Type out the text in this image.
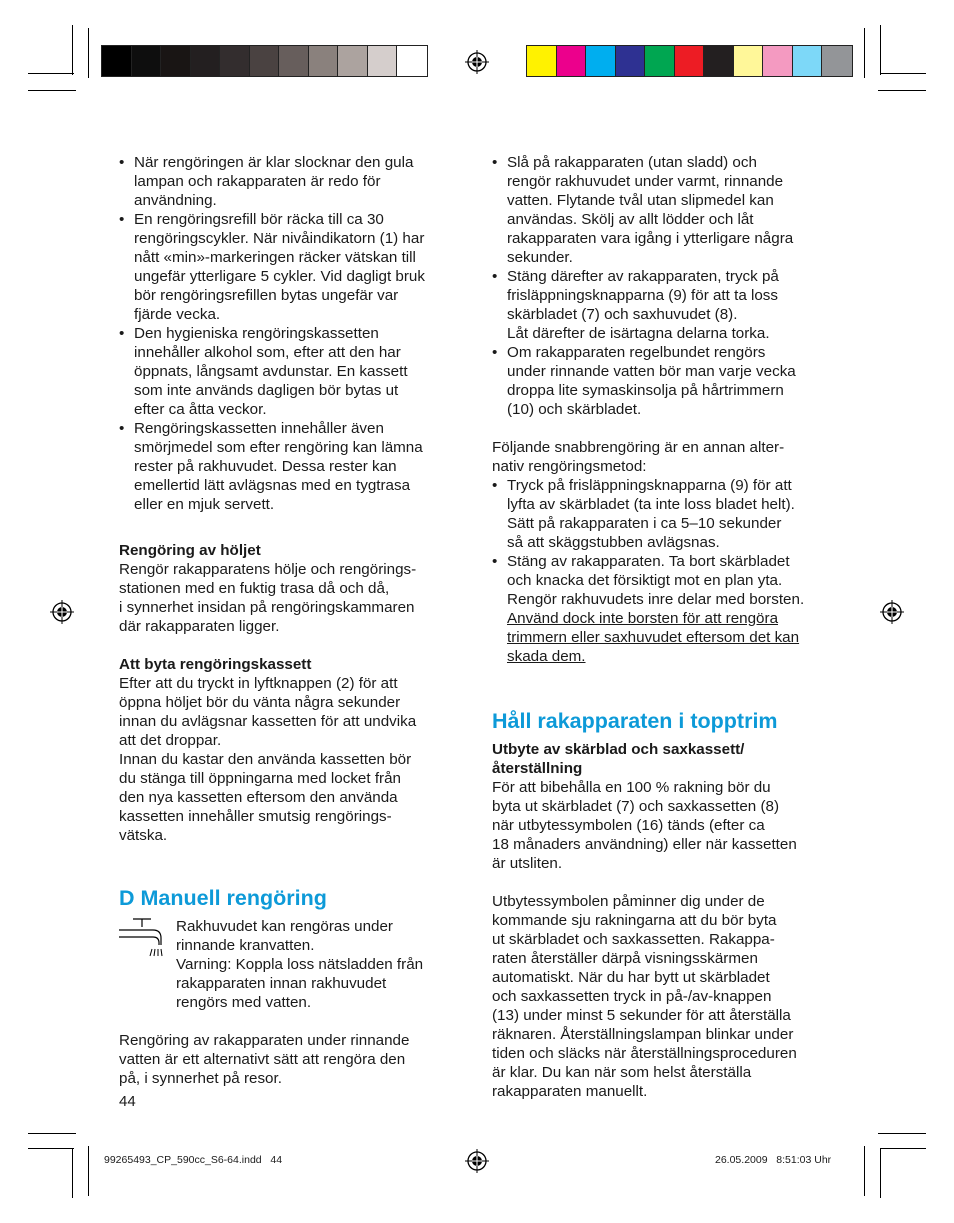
• När rengöringen är klar slocknar den gula
lampan och rakapparaten är redo för
användning.
• En rengöringsrefill bör räcka till ca 30
rengöringscykler. När nivåindikatorn (1) har
nått «min»-markeringen räcker vätskan till
ungefär ytterligare 5 cykler. Vid dagligt bruk
bör rengöringsrefillen bytas ungefär var
fjärde vecka.
• Den hygieniska rengöringskassetten
innehåller alkohol som, efter att den har
öppnats, långsamt avdunstar. En kassett
som inte används dagligen bör bytas ut
efter ca åtta veckor.
• Rengöringskassetten innehåller även
smörjmedel som efter rengöring kan lämna
rester på rakhuvudet. Dessa rester kan
emellertid lätt avlägsnas med en tygtrasa
eller en mjuk servett.

Rengöring av höljet

Rengör rakapparatens hölje och rengörings-
stationen med en fuktig trasa då och då,
i synnerhet insidan på rengöringskammaren
där rakapparaten ligger.

Att byta rengöringskassett

Efter att du tryckt in lyftknappen (2) för att
öppna höljet bör du vänta några sekunder
innan du avlägsnar kassetten för att undvika
att det droppar.
Innan du kastar den använda kassetten bör
du stänga till öppningarna med locket från
den nya kassetten eftersom den använda
kassetten innehåller smutsig rengörings-
vätska.

D Manuell rengöring

Rakhuvudet kan rengöras under
rinnande kranvatten.
Varning: Koppla loss nätsladden från
rakapparaten innan rakhuvudet
rengörs med vatten.

Rengöring av rakapparaten under rinnande
vatten är ett alternativt sätt att rengöra den
på, i synnerhet på resor.

44
• Slå på rakapparaten (utan sladd) och
rengör rakhuvudet under varmt, rinnande
vatten. Flytande tvål utan slipmedel kan
användas. Skölj av allt lödder och låt
rakapparaten vara igång i ytterligare några
sekunder.
• Stäng därefter av rakapparaten, tryck på
frisläppningsknapparna (9) för att ta loss
skärbladet (7) och saxhuvudet (8).
Låt därefter de isärtagna delarna torka.
• Om rakapparaten regelbundet rengörs
under rinnande vatten bör man varje vecka
droppa lite symaskinsolja på hårtrimmern
(10) och skärbladet.

Följande snabbrengöring är en annan alter-
nativ rengöringsmetod:

• Tryck på frisläppningsknapparna (9) för att
lyfta av skärbladet (ta inte loss bladet helt).
Sätt på rakapparaten i ca 5–10 sekunder
så att skäggstubben avlägsnas.
• Stäng av rakapparaten. Ta bort skärbladet
och knacka det försiktigt mot en plan yta.
Rengör rakhuvudets inre delar med borsten.
Använd dock inte borsten för att rengöra
trimmern eller saxhuvudet eftersom det kan
skada dem.
Håll rakapparaten i topptrim

Utbyte av skärblad och saxkassett/
återställning

För att bibehålla en 100 % rakning bör du
byta ut skärbladet (7) och saxkassetten (8)
när utbytessymbolen (16) tänds (efter ca
18 månaders användning) eller när kassetten
är utsliten.

Utbytessymbolen påminner dig under de
kommande sju rakningarna att du bör byta
ut skärbladet och saxkassetten. Rakappa-
raten återställer därpå visningsskärmen
automatiskt. När du har bytt ut skärbladet
och saxkassetten tryck in på-/av-knappen
(13) under minst 5 sekunder för att återställa
räknaren. Återställningslampan blinkar under
tiden och släcks när återställningsproceduren
är klar. Du kan när som helst återställa
rakapparaten manuellt.

99265493_CP_590cc_S6-64.indd   44	26.05.2009   8:51:03 Uhr
